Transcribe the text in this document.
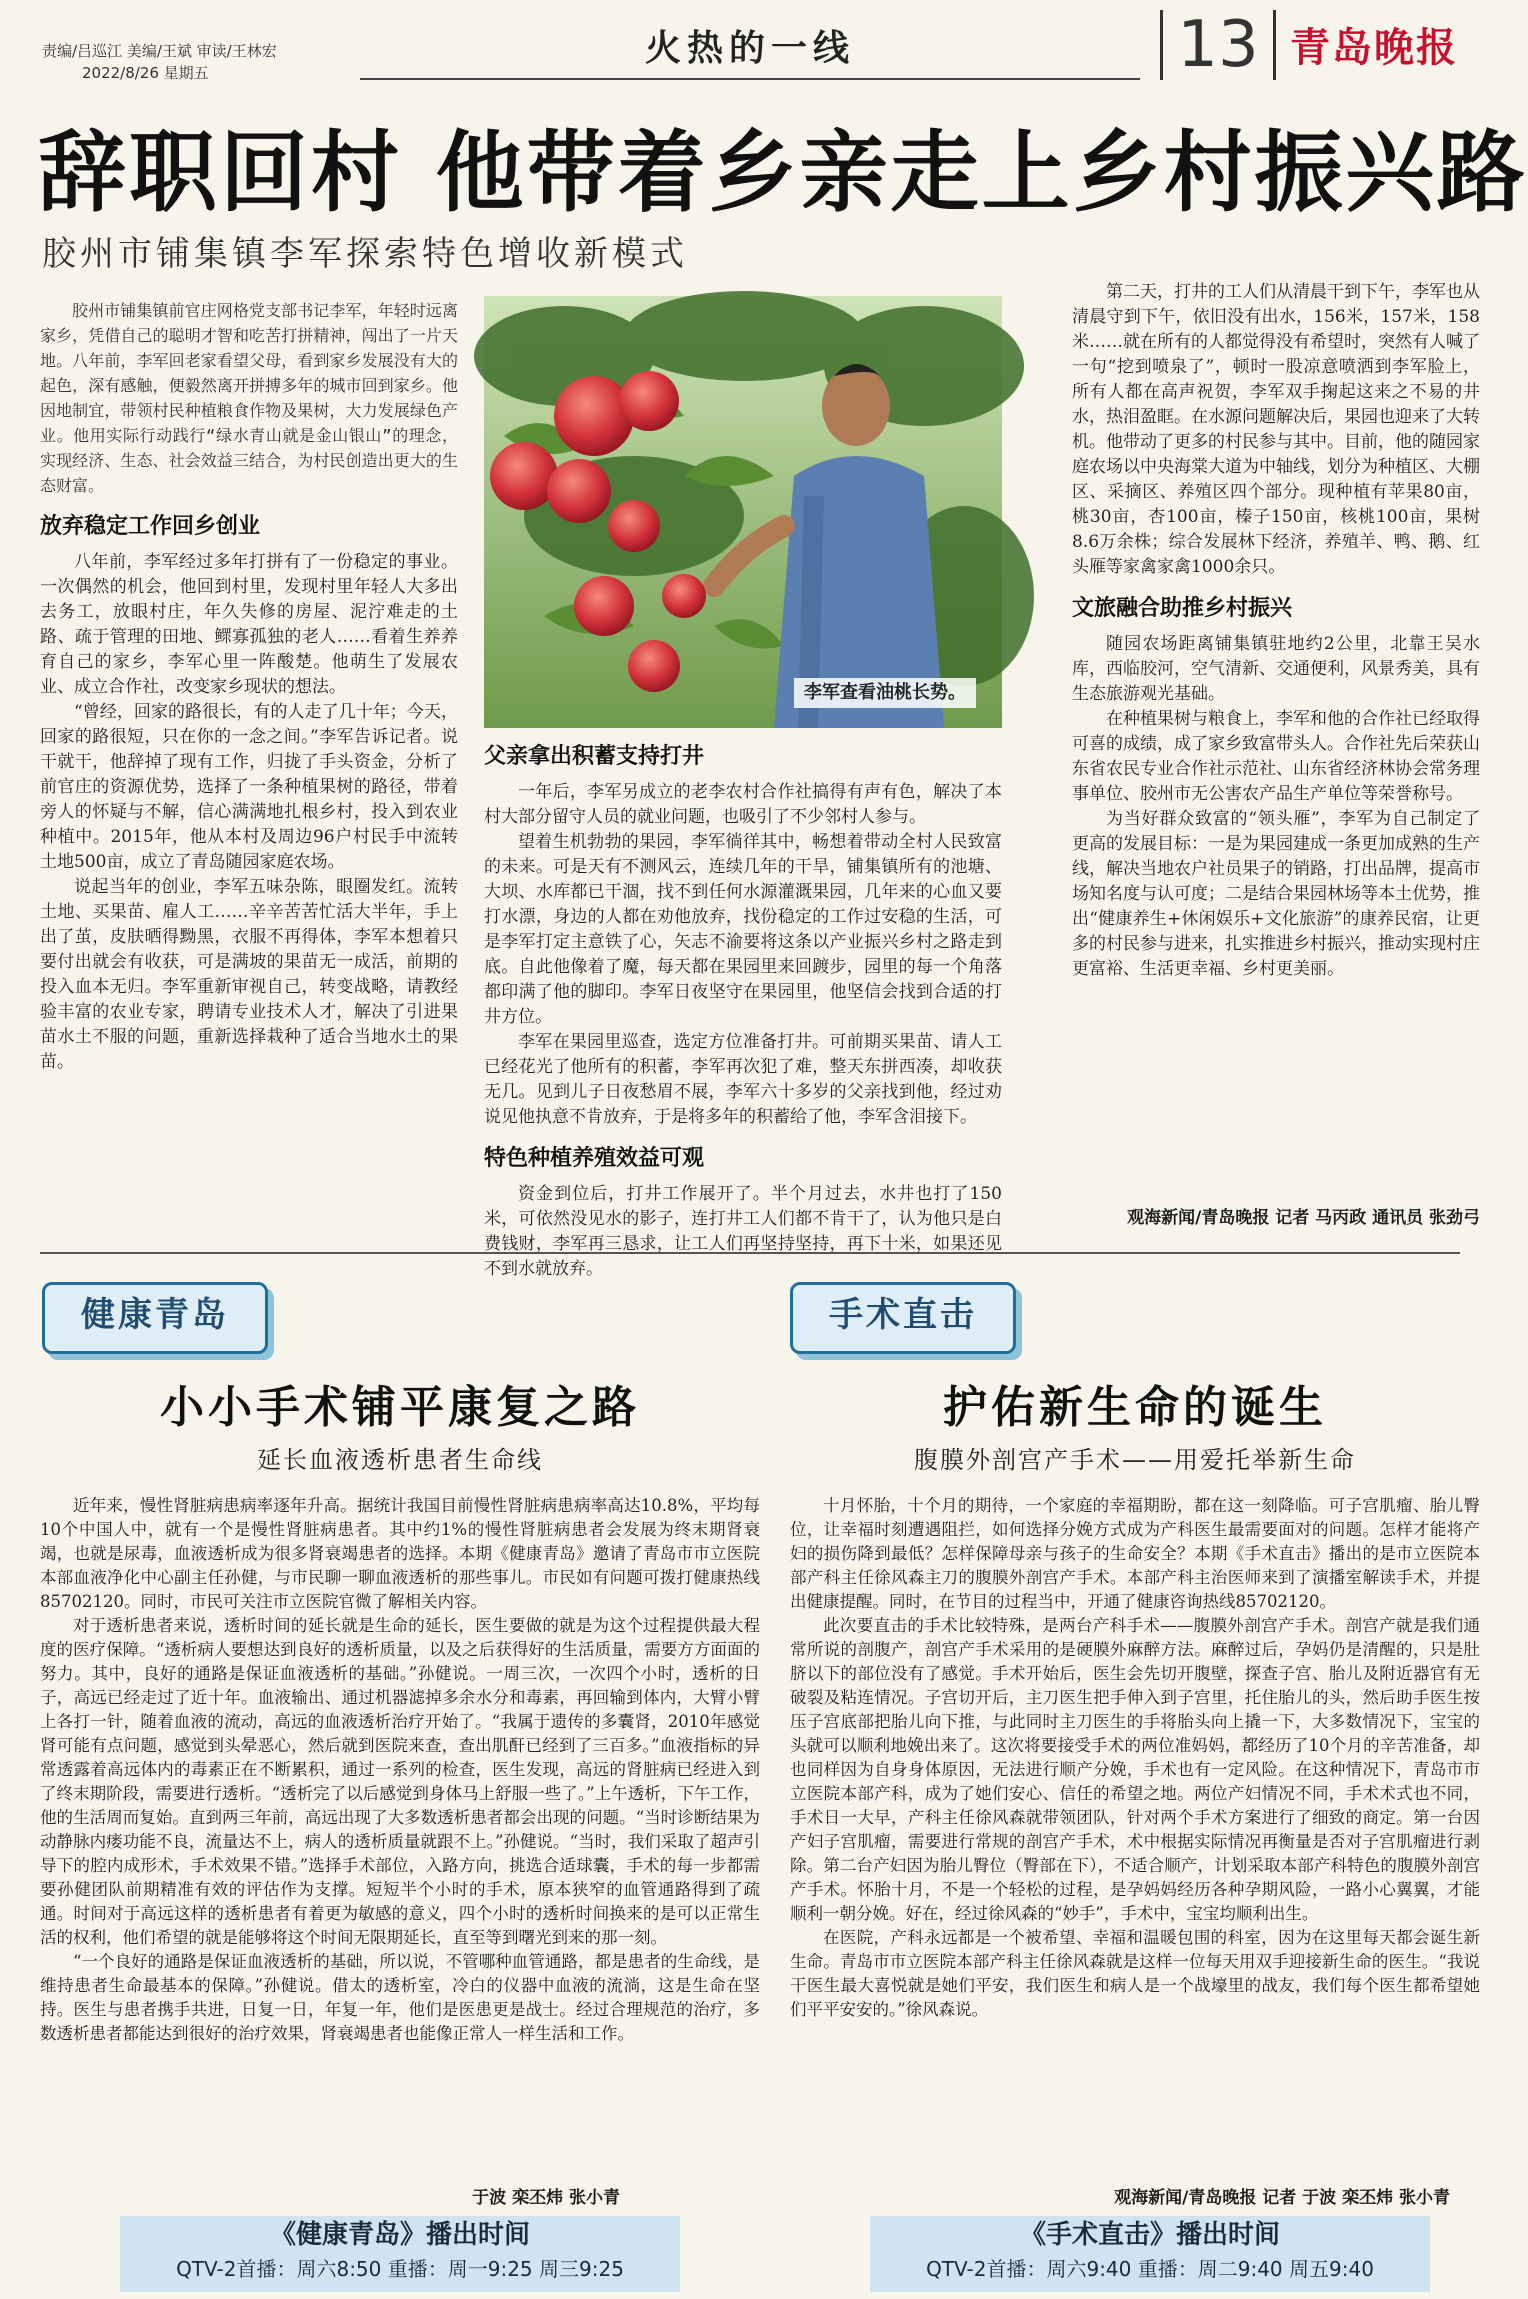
责编/吕巡江 美编/王斌 审读/王林宏
2022/8/26 星期五
火热的一线	13 青岛晚报
辞职回村 他带着乡亲走上乡村振兴路
胶州市铺集镇李军探索特色增收新模式

胶州市铺集镇前官庄网格党支部书记李军，年轻时远离家乡，凭借自己的聪明才智和吃苦打拼精神，闯出了一片天地。八年前，李军回老家看望父母，看到家乡发展没有大的起色，深有感触，便毅然离开拼搏多年的城市回到家乡。他因地制宜，带领村民种植粮食作物及果树，大力发展绿色产业。他用实际行动践行“绿水青山就是金山银山”的理念，实现经济、生态、社会效益三结合，为村民创造出更大的生态财富。

放弃稳定工作回乡创业

八年前，李军经过多年打拼有了一份稳定的事业。一次偶然的机会，他回到村里，发现村里年轻人大多出去务工，放眼村庄，年久失修的房屋、泥泞难走的土路、疏于管理的田地、鳏寡孤独的老人……看着生养养育自己的家乡，李军心里一阵酸楚。他萌生了发展农业、成立合作社，改变家乡现状的想法。

“曾经，回家的路很长，有的人走了几十年；今天，回家的路很短，只在你的一念之间。”李军告诉记者。说干就干，他辞掉了现有工作，归拢了手头资金，分析了前官庄的资源优势，选择了一条种植果树的路径，带着旁人的怀疑与不解，信心满满地扎根乡村，投入到农业种植中。2015年，他从本村及周边96户村民手中流转土地500亩，成立了青岛随园家庭农场。

说起当年的创业，李军五味杂陈，眼圈发红。流转土地、买果苗、雇人工……辛辛苦苦忙活大半年，手上出了茧，皮肤晒得黝黑，衣服不再得体，李军本想着只要付出就会有收获，可是满坡的果苗无一成活，前期的投入血本无归。李军重新审视自己，转变战略，请教经验丰富的农业专家，聘请专业技术人才，解决了引进果苗水土不服的问题，重新选择栽种了适合当地水土的果苗。

李军查看油桃长势。
父亲拿出积蓄支持打井

一年后，李军另成立的老李农村合作社搞得有声有色，解决了本村大部分留守人员的就业问题，也吸引了不少邻村人参与。

望着生机勃勃的果园，李军徜徉其中，畅想着带动全村人民致富的未来。可是天有不测风云，连续几年的干旱，铺集镇所有的池塘、大坝、水库都已干涸，找不到任何水源灌溉果园，几年来的心血又要打水漂，身边的人都在劝他放弃，找份稳定的工作过安稳的生活，可是李军打定主意铁了心，矢志不渝要将这条以产业振兴乡村之路走到底。自此他像着了魔，每天都在果园里来回踱步，园里的每一个角落都印满了他的脚印。李军日夜坚守在果园里，他坚信会找到合适的打井方位。

李军在果园里巡查，选定方位准备打井。可前期买果苗、请人工已经花光了他所有的积蓄，李军再次犯了难，整天东拼西凑，却收获无几。见到儿子日夜愁眉不展，李军六十多岁的父亲找到他，经过劝说见他执意不肯放弃，于是将多年的积蓄给了他，李军含泪接下。

特色种植养殖效益可观

资金到位后，打井工作展开了。半个月过去，水井也打了150米，可依然没见水的影子，连打井工人们都不肯干了，认为他只是白费钱财，李军再三恳求，让工人们再坚持坚持，再下十米，如果还见不到水就放弃。

第二天，打井的工人们从清晨干到下午，李军也从清晨守到下午，依旧没有出水，156米，157米，158米……就在所有的人都觉得没有希望时，突然有人喊了一句“挖到喷泉了”，顿时一股凉意喷洒到李军脸上，所有人都在高声祝贺，李军双手掬起这来之不易的井水，热泪盈眶。在水源问题解决后，果园也迎来了大转机。他带动了更多的村民参与其中。目前，他的随园家庭农场以中央海棠大道为中轴线，划分为种植区、大棚区、采摘区、养殖区四个部分。现种植有苹果80亩，桃30亩，杏100亩，榛子150亩，核桃100亩，果树8.6万余株；综合发展林下经济，养殖羊、鸭、鹅、红头雁等家禽家禽1000余只。

文旅融合助推乡村振兴

随园农场距离铺集镇驻地约2公里，北靠王吴水库，西临胶河，空气清新、交通便利，风景秀美，具有生态旅游观光基础。

在种植果树与粮食上，李军和他的合作社已经取得可喜的成绩，成了家乡致富带头人。合作社先后荣获山东省农民专业合作社示范社、山东省经济林协会常务理事单位、胶州市无公害农产品生产单位等荣誉称号。

为当好群众致富的“领头雁”，李军为自己制定了更高的发展目标：一是为果园建成一条更加成熟的生产线，解决当地农户社员果子的销路，打出品牌，提高市场知名度与认可度；二是结合果园林场等本土优势，推出“健康养生+休闲娱乐+文化旅游”的康养民宿，让更多的村民参与进来，扎实推进乡村振兴，推动实现村庄更富裕、生活更幸福、乡村更美丽。

观海新闻/青岛晚报 记者 马丙政 通讯员 张劲弓
健康青岛
小小手术铺平康复之路
延长血液透析患者生命线

近年来，慢性肾脏病患病率逐年升高。据统计我国目前慢性肾脏病患病率高达10.8%，平均每10个中国人中，就有一个是慢性肾脏病患者。其中约1%的慢性肾脏病患者会发展为终末期肾衰竭，也就是尿毒，血液透析成为很多肾衰竭患者的选择。本期《健康青岛》邀请了青岛市市立医院本部血液净化中心副主任孙健，与市民聊一聊血液透析的那些事儿。市民如有问题可拨打健康热线85702120。同时，市民可关注市立医院官微了解相关内容。

对于透析患者来说，透析时间的延长就是生命的延长，医生要做的就是为这个过程提供最大程度的医疗保障。“透析病人要想达到良好的透析质量，以及之后获得好的生活质量，需要方方面面的努力。其中，良好的通路是保证血液透析的基础。”孙健说。一周三次，一次四个小时，透析的日子，高远已经走过了近十年。血液输出、通过机器滤掉多余水分和毒素，再回输到体内，大臂小臂上各打一针，随着血液的流动，高远的血液透析治疗开始了。“我属于遗传的多囊肾，2010年感觉肾可能有点问题，感觉到头晕恶心，然后就到医院来查，查出肌酐已经到了三百多。”血液指标的异常透露着高远体内的毒素正在不断累积，通过一系列的检查，医生发现，高远的肾脏病已经进入到了终末期阶段，需要进行透析。“透析完了以后感觉到身体马上舒服一些了。”上午透析，下午工作，他的生活周而复始。直到两三年前，高远出现了大多数透析患者都会出现的问题。“当时诊断结果为动静脉内瘘功能不良，流量达不上，病人的透析质量就跟不上。”孙健说。“当时，我们采取了超声引导下的腔内成形术，手术效果不错。”选择手术部位，入路方向，挑选合适球囊，手术的每一步都需要孙健团队前期精准有效的评估作为支撑。短短半个小时的手术，原本狭窄的血管通路得到了疏通。时间对于高远这样的透析患者有着更为敏感的意义，四个小时的透析时间换来的是可以正常生活的权利，他们希望的就是能够将这个时间无限期延长，直至等到曙光到来的那一刻。

“一个良好的通路是保证血液透析的基础，所以说，不管哪种血管通路，都是患者的生命线，是维持患者生命最基本的保障。”孙健说。借太的透析室，冷白的仪器中血液的流淌，这是生命在坚持。医生与患者携手共进，日复一日，年复一年，他们是医患更是战士。经过合理规范的治疗，多数透析患者都能达到很好的治疗效果，肾衰竭患者也能像正常人一样生活和工作。

于波 栾丕炜 张小青
《健康青岛》播出时间
QTV-2首播：周六8:50 重播：周一9:25 周三9:25
手术直击
护佑新生命的诞生
腹膜外剖宫产手术——用爱托举新生命

十月怀胎，十个月的期待，一个家庭的幸福期盼，都在这一刻降临。可子宫肌瘤、胎儿臀位，让幸福时刻遭遇阻拦，如何选择分娩方式成为产科医生最需要面对的问题。怎样才能将产妇的损伤降到最低？怎样保障母亲与孩子的生命安全？本期《手术直击》播出的是市立医院本部产科主任徐风森主刀的腹膜外剖宫产手术。本部产科主治医师来到了演播室解读手术，并提出健康提醒。同时，在节目的过程当中，开通了健康咨询热线85702120。

此次要直击的手术比较特殊，是两台产科手术——腹膜外剖宫产手术。剖宫产就是我们通常所说的剖腹产，剖宫产手术采用的是硬膜外麻醉方法。麻醉过后，孕妈仍是清醒的，只是肚脐以下的部位没有了感觉。手术开始后，医生会先切开腹壁，探查子宫、胎儿及附近器官有无破裂及粘连情况。子宫切开后，主刀医生把手伸入到子宫里，托住胎儿的头，然后助手医生按压子宫底部把胎儿向下推，与此同时主刀医生的手将胎头向上撬一下，大多数情况下，宝宝的头就可以顺利地娩出来了。这次将要接受手术的两位准妈妈，都经历了10个月的辛苦准备，却也同样因为自身身体原因，无法进行顺产分娩，手术也有一定风险。在这种情况下，青岛市市立医院本部产科，成为了她们安心、信任的希望之地。两位产妇情况不同，手术术式也不同，手术日一大早，产科主任徐风森就带领团队，针对两个手术方案进行了细致的商定。第一台因产妇子宫肌瘤，需要进行常规的剖宫产手术，术中根据实际情况再衡量是否对子宫肌瘤进行剥除。第二台产妇因为胎儿臀位（臀部在下），不适合顺产，计划采取本部产科特色的腹膜外剖宫产手术。怀胎十月，不是一个轻松的过程，是孕妈妈经历各种孕期风险，一路小心翼翼，才能顺利一朝分娩。好在，经过徐风森的“妙手”，手术中，宝宝均顺利出生。

在医院，产科永远都是一个被希望、幸福和温暖包围的科室，因为在这里每天都会诞生新生命。青岛市市立医院本部产科主任徐风森就是这样一位每天用双手迎接新生命的医生。“我说干医生最大喜悦就是她们平安，我们医生和病人是一个战壕里的战友，我们每个医生都希望她们平平安安的。”徐风森说。

观海新闻/青岛晚报 记者 于波 栾丕炜 张小青
《手术直击》播出时间
QTV-2首播：周六9:40 重播：周二9:40 周五9:40
